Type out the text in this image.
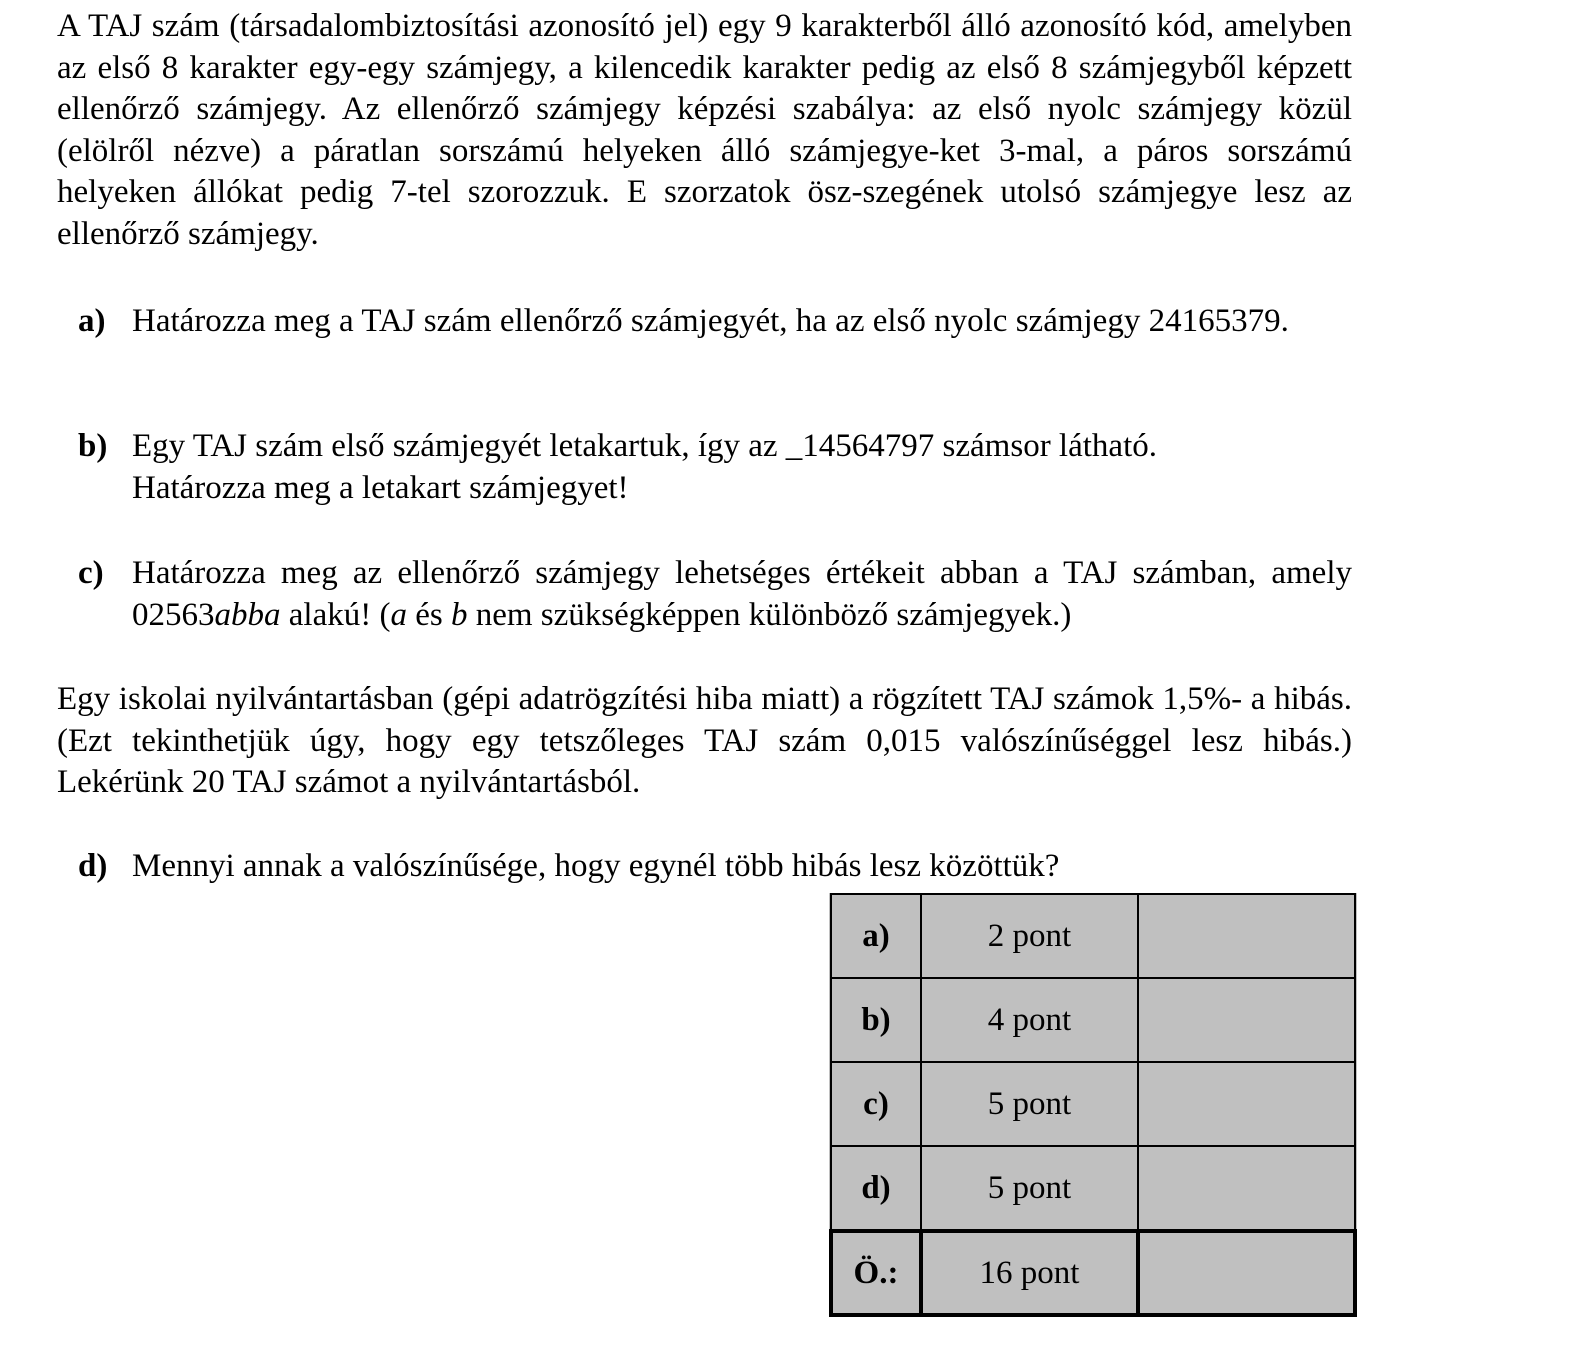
A TAJ szám (társadalombiztosítási azonosító jel) egy 9 karakterből álló azonosító kód, amelyben az első 8 karakter egy-egy számjegy, a kilencedik karakter pedig az első 8 számjegyből képzett ellenőrző számjegy. Az ellenőrző számjegy képzési szabálya: az első nyolc számjegy közül (elölről nézve) a páratlan sorszámú helyeken álló számjegye-ket 3-mal, a páros sorszámú helyeken állókat pedig 7-tel szorozzuk. E szorzatok ösz-szegének utolsó számjegye lesz az ellenőrző számjegy.

a) Határozza meg a TAJ szám ellenőrző számjegyét, ha az első nyolc számjegy 24165379.
b) Egy TAJ szám első számjegyét letakartuk, így az _14564797 számsor látható.
Határozza meg a letakart számjegyet!
c) Határozza meg az ellenőrző számjegy lehetséges értékeit abban a TAJ számban, amely 02563abba alakú! (a és b nem szükségképpen különböző számjegyek.)

Egy iskolai nyilvántartásban (gépi adatrögzítési hiba miatt) a rögzített TAJ számok 1,5%- a hibás. (Ezt tekinthetjük úgy, hogy egy tetszőleges TAJ szám 0,015 valószínűséggel lesz hibás.) Lekérünk 20 TAJ számot a nyilvántartásból.

d) Mennyi annak a valószínűsége, hogy egynél több hibás lesz közöttük?
a)	2 pont	
b)	4 pont	
c)	5 pont	
d)	5 pont	
Ö.:	16 pont	
